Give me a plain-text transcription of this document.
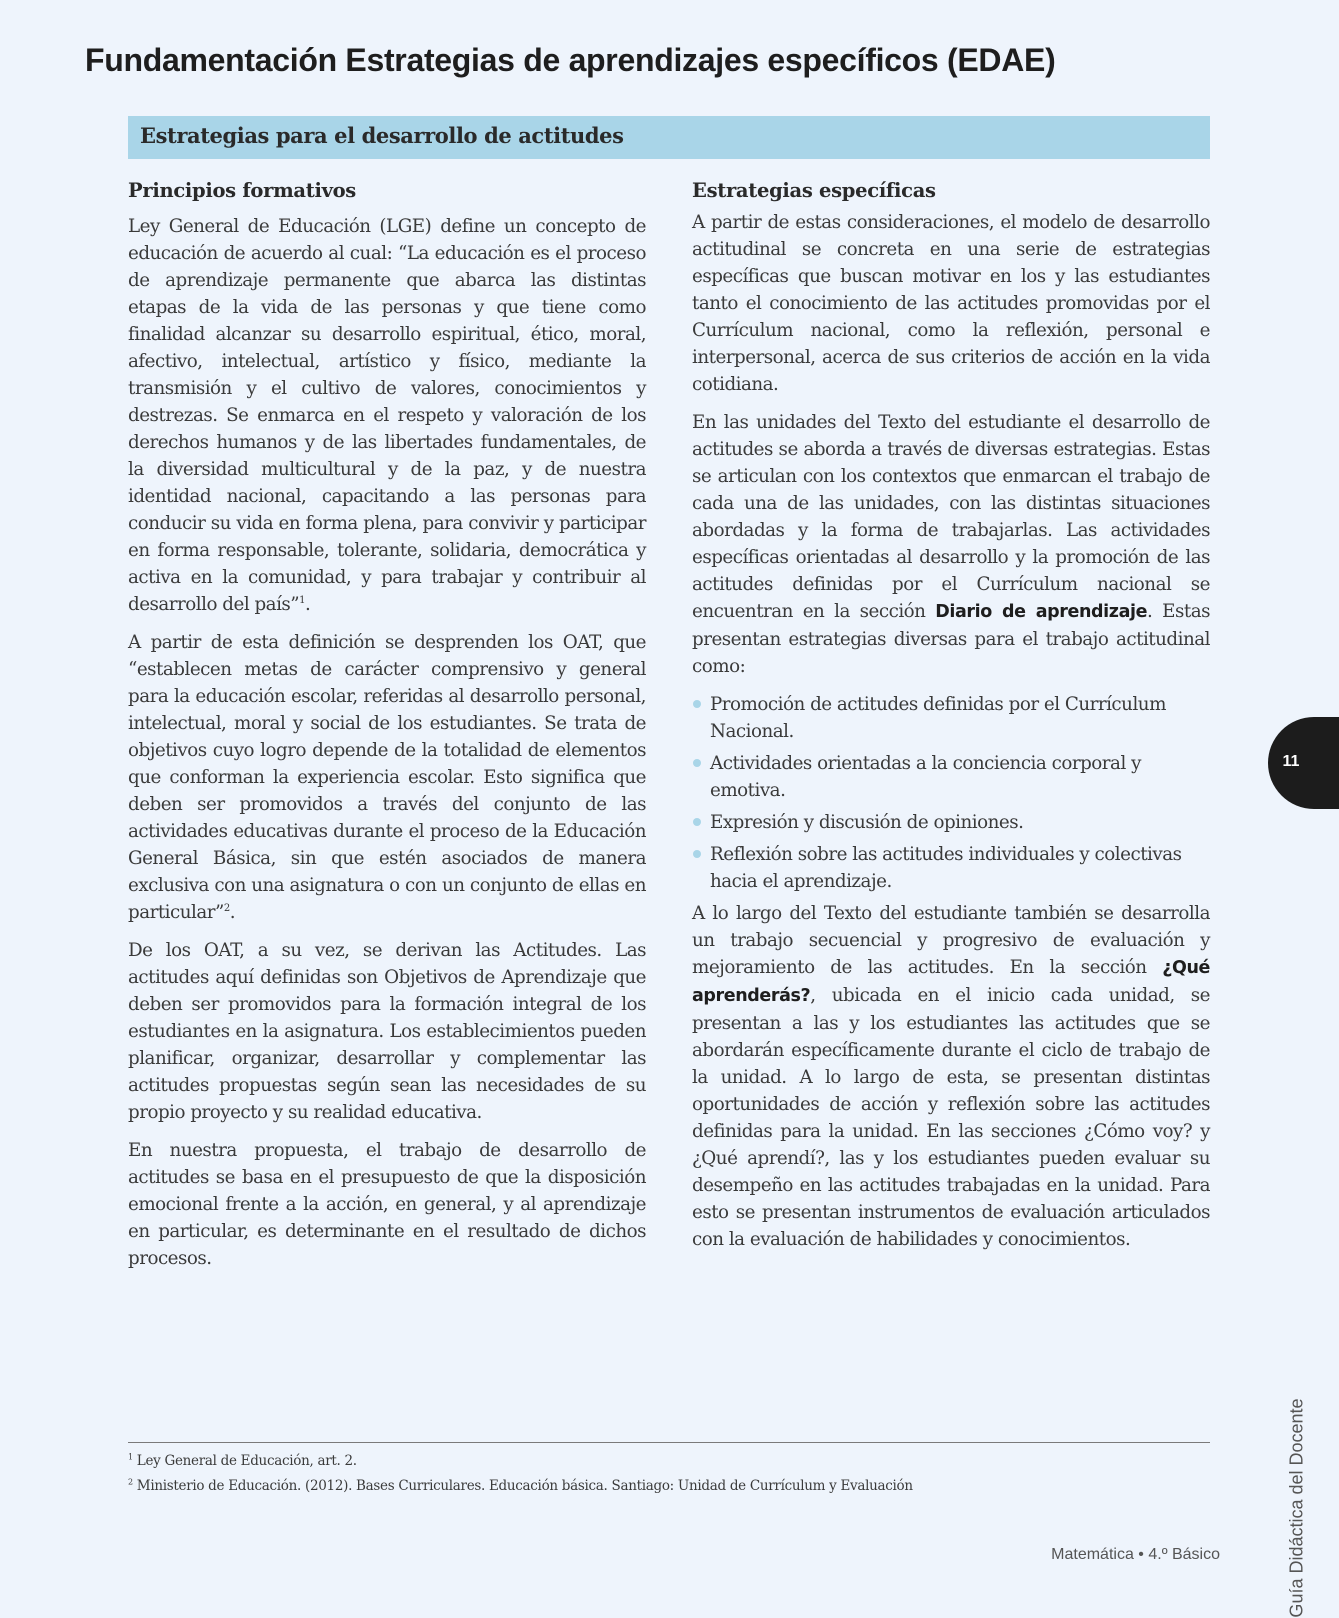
Fundamentación Estrategias de aprendizajes específicos (EDAE)
Estrategias para el desarrollo de actitudes
Principios formativos

Ley General de Educación (LGE) define un concepto de educación de acuerdo al cual: “La educación es el proceso de aprendizaje permanente que abarca las distintas etapas de la vida de las personas y que tiene como finalidad alcanzar su desarrollo espiritual, ético, moral, afectivo, intelectual, artístico y físico, mediante la transmisión y el cultivo de valores, conocimientos y destrezas. Se enmarca en el respeto y valoración de los derechos humanos y de las libertades fundamentales, de la diversidad multicultural y de la paz, y de nuestra identidad nacional, capacitando a las personas para conducir su vida en forma plena, para convivir y participar en forma responsable, tolerante, solidaria, democrática y activa en la comunidad, y para trabajar y contribuir al desarrollo del país”$^1$.

A partir de esta definición se desprenden los OAT, que “establecen metas de carácter comprensivo y general para la educación escolar, referidas al desarrollo personal, intelectual, moral y social de los estudiantes. Se trata de objetivos cuyo logro depende de la totalidad de elementos que conforman la experiencia escolar. Esto significa que deben ser promovidos a través del conjunto de las actividades educativas durante el proceso de la Educación General Básica, sin que estén asociados de manera exclusiva con una asignatura o con un conjunto de ellas en particular”$^2$.

De los OAT, a su vez, se derivan las Actitudes. Las actitudes aquí definidas son Objetivos de Aprendizaje que deben ser promovidos para la formación integral de los estudiantes en la asignatura. Los establecimientos pueden planificar, organizar, desarrollar y complementar las actitudes propuestas según sean las necesidades de su propio proyecto y su realidad educativa.

En nuestra propuesta, el trabajo de desarrollo de actitudes se basa en el presupuesto de que la disposición emocional frente a la acción, en general, y al aprendizaje en particular, es determinante en el resultado de dichos procesos.

Estrategias específicas

A partir de estas consideraciones, el modelo de desarrollo actitudinal se concreta en una serie de estrategias específicas que buscan motivar en los y las estudiantes tanto el conocimiento de las actitudes promovidas por el Currículum nacional, como la reflexión, personal e interpersonal, acerca de sus criterios de acción en la vida cotidiana.

En las unidades del Texto del estudiante el desarrollo de actitudes se aborda a través de diversas estrategias. Estas se articulan con los contextos que enmarcan el trabajo de cada una de las unidades, con las distintas situaciones abordadas y la forma de trabajarlas. Las actividades específicas orientadas al desarrollo y la promoción de las actitudes definidas por el Currículum nacional se encuentran en la sección Diario de aprendizaje. Estas presentan estrategias diversas para el trabajo actitudinal como:

Promoción de actitudes definidas por el Currículum Nacional.
Actividades orientadas a la conciencia corporal y emotiva.
Expresión y discusión de opiniones.
Reflexión sobre las actitudes individuales y colectivas hacia el aprendizaje.

A lo largo del Texto del estudiante también se desarrolla un trabajo secuencial y progresivo de evaluación y mejoramiento de las actitudes. En la sección ¿Qué aprenderás?, ubicada en el inicio cada unidad, se presentan a las y los estudiantes las actitudes que se abordarán específicamente durante el ciclo de trabajo de la unidad. A lo largo de esta, se presentan distintas oportunidades de acción y reflexión sobre las actitudes definidas para la unidad. En las secciones ¿Cómo voy? y ¿Qué aprendí?, las y los estudiantes pueden evaluar su desempeño en las actitudes trabajadas en la unidad. Para esto se presentan instrumentos de evaluación articulados con la evaluación de habilidades y conocimientos.

11
$^1$ Ley General de Educación, art. 2.
$^2$ Ministerio de Educación. (2012). Bases Curriculares. Educación básica. Santiago: Unidad de Currículum y Evaluación	Guía Didáctica del Docente
Matemática • 4.º Básico
